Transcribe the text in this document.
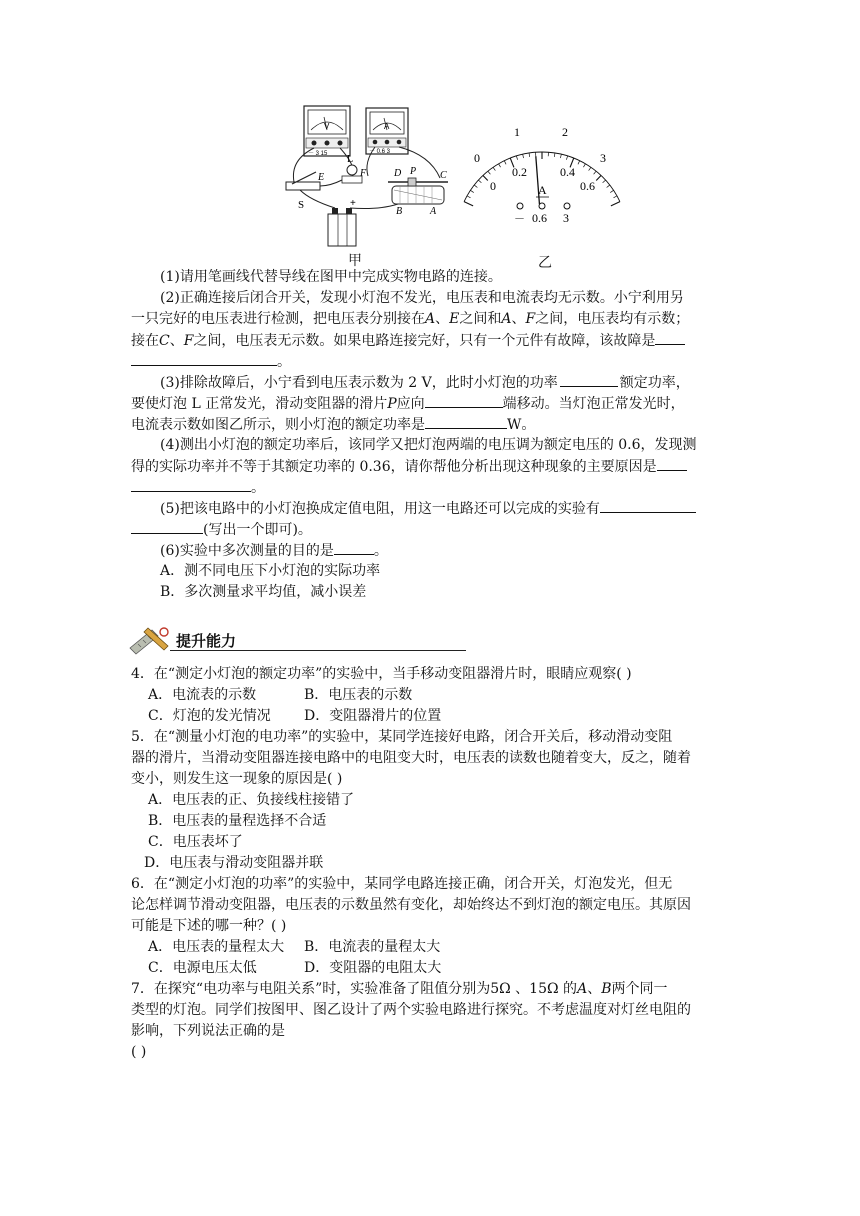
V	A
－ 3 15	－ 0.6 3
L
S
E	F	D P C
B	A
+
甲
0
1	2
3
0
0.2	0.4
0.6
A
－ 0.6 3
乙
(1)请用笔画线代替导线在图甲中完成实物电路的连接。
(2)正确连接后闭合开关，发现小灯泡不发光，电压表和电流表均无示数。小宁利用另
一只完好的电压表进行检测，把电压表分别接在A、E之间和A、F之间，电压表均有示数；
接在C、F之间，电压表无示数。如果电路连接完好，只有一个元件有故障，该故障是
。
(3)排除故障后，小宁看到电压表示数为 2 V，此时小灯泡的功率	额定功率，
要使灯泡 L 正常发光，滑动变阻器的滑片P应向	端移动。当灯泡正常发光时，
电流表示数如图乙所示，则小灯泡的额定功率是	W。
(4)测出小灯泡的额定功率后，该同学又把灯泡两端的电压调为额定电压的 0.6，发现测
得的实际功率并不等于其额定功率的 0.36，请你帮他分析出现这种现象的主要原因是
。
(5)把该电路中的小灯泡换成定值电阻，用这一电路还可以完成的实验有
(写出一个即可)。
(6)实验中多次测量的目的是	。
A．测不同电压下小灯泡的实际功率
B．多次测量求平均值，减小误差
提升能力
4．在“测定小灯泡的额定功率”的实验中，当手移动变阻器滑片时，眼睛应观察( )
A．电流表的示数	B．电压表的示数
C．灯泡的发光情况 D．变阻器滑片的位置
5．在“测量小灯泡的电功率”的实验中，某同学连接好电路，闭合开关后，移动滑动变阻
器的滑片，当滑动变阻器连接电路中的电阻变大时，电压表的读数也随着变大，反之，随着
变小，则发生这一现象的原因是( )
A．电压表的正、负接线柱接错了
B．电压表的量程选择不合适
C．电压表坏了
D．电压表与滑动变阻器并联
6．在“测定小灯泡的功率”的实验中，某同学电路连接正确，闭合开关，灯泡发光，但无
论怎样调节滑动变阻器，电压表的示数虽然有变化，却始终达不到灯泡的额定电压。其原因
可能是下述的哪一种？( )
A．电压表的量程太大 B．电流表的量程太大
C．电源电压太低	D．变阻器的电阻太大
7．在探究“电功率与电阻关系”时，实验准备了阻值分别为5Ω 、15Ω 的A、B两个同一
类型的灯泡。同学们按图甲、图乙设计了两个实验电路进行探究。不考虑温度对灯丝电阻的
影响，下列说法正确的是
( )
